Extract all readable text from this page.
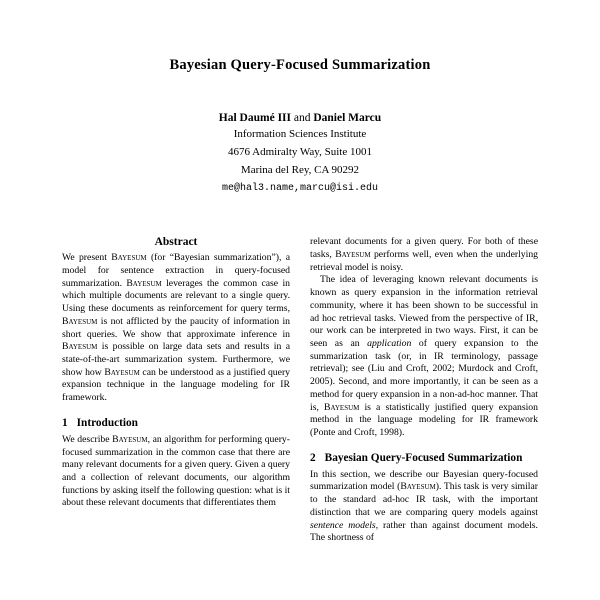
Bayesian Query-Focused Summarization
Hal Daumé III and Daniel Marcu
Information Sciences Institute
4676 Admiralty Way, Suite 1001
Marina del Rey, CA 90292
me@hal3.name,marcu@isi.edu
Abstract

We present Bayesum (for “Bayesian summarization”), a model for sentence extraction in query-focused summarization. Bayesum leverages the common case in which multiple documents are relevant to a single query. Using these documents as reinforcement for query terms, Bayesum is not afflicted by the paucity of information in short queries. We show that approximate inference in Bayesum is possible on large data sets and results in a state-of-the-art summarization system. Furthermore, we show how Bayesum can be understood as a justified query expansion technique in the language modeling for IR framework.

1 Introduction

We describe Bayesum, an algorithm for performing query-focused summarization in the common case that there are many relevant documents for a given query. Given a query and a collection of relevant documents, our algorithm functions by asking itself the following question: what is it about these relevant documents that differentiates them

relevant documents for a given query. For both of these tasks, Bayesum performs well, even when the underlying retrieval model is noisy.

The idea of leveraging known relevant documents is known as query expansion in the information retrieval community, where it has been shown to be successful in ad hoc retrieval tasks. Viewed from the perspective of IR, our work can be interpreted in two ways. First, it can be seen as an application of query expansion to the summarization task (or, in IR terminology, passage retrieval); see (Liu and Croft, 2002; Murdock and Croft, 2005). Second, and more importantly, it can be seen as a method for query expansion in a non-ad-hoc manner. That is, Bayesum is a statistically justified query expansion method in the language modeling for IR framework (Ponte and Croft, 1998).

2 Bayesian Query-Focused Summarization

In this section, we describe our Bayesian query-focused summarization model (Bayesum). This task is very similar to the standard ad-hoc IR task, with the important distinction that we are comparing query models against sentence models, rather than against document models. The shortness of
